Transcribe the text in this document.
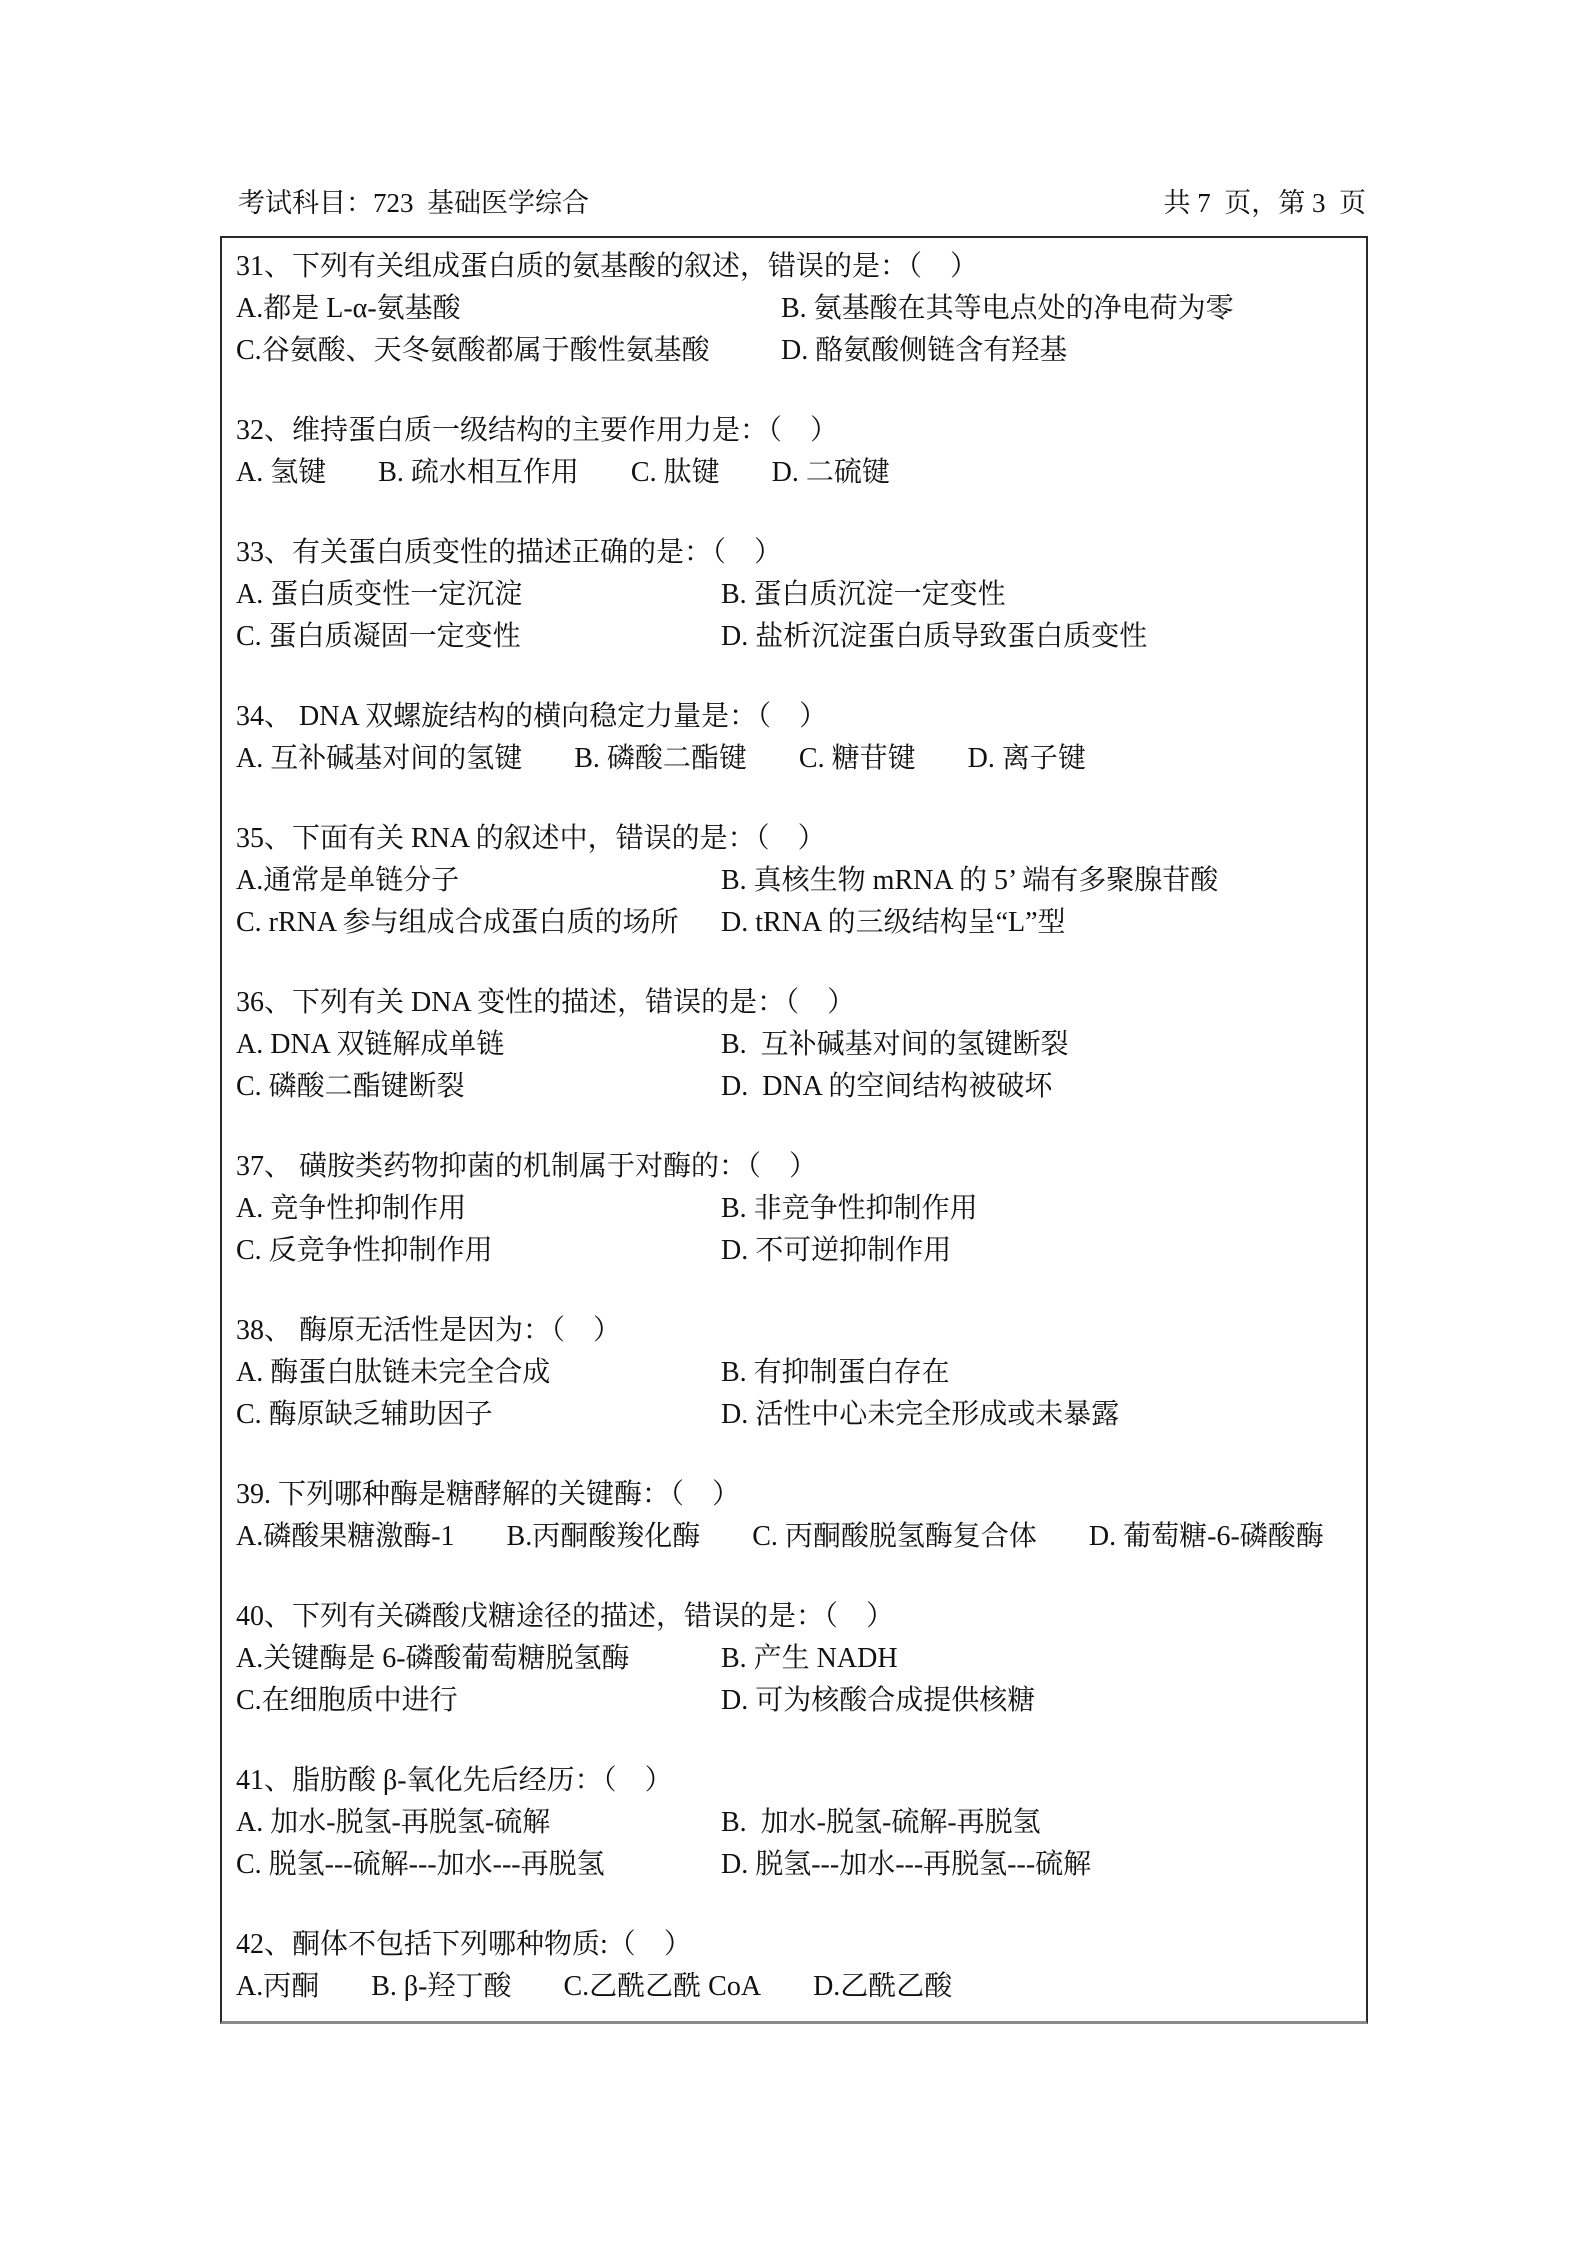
考试科目：723  基础医学综合	共 7  页，第 3  页
31、下列有关组成蛋白质的氨基酸的叙述，错误的是：（　）
A.都是 L-α-氨基酸	B. 氨基酸在其等电点处的净电荷为零
C.谷氨酸、天冬氨酸都属于酸性氨基酸	D. 酪氨酸侧链含有羟基
32、维持蛋白质一级结构的主要作用力是：（　）
A. 氢键 B. 疏水相互作用 C. 肽键 D. 二硫键
33、有关蛋白质变性的描述正确的是：（　）
A. 蛋白质变性一定沉淀	B. 蛋白质沉淀一定变性
C. 蛋白质凝固一定变性	D. 盐析沉淀蛋白质导致蛋白质变性
34、 DNA 双螺旋结构的横向稳定力量是：（　）
A. 互补碱基对间的氢键 B. 磷酸二酯键 C. 糖苷键 D. 离子键
35、下面有关 RNA 的叙述中，错误的是：（　）
A.通常是单链分子	B. 真核生物 mRNA 的 5’ 端有多聚腺苷酸
C. rRNA 参与组成合成蛋白质的场所 D. tRNA 的三级结构呈“L”型
36、下列有关 DNA 变性的描述，错误的是：（　）
A. DNA 双链解成单链	B.  互补碱基对间的氢键断裂
C. 磷酸二酯键断裂	D.  DNA 的空间结构被破坏
37、 磺胺类药物抑菌的机制属于对酶的：（　）
A. 竞争性抑制作用	B. 非竞争性抑制作用
C. 反竞争性抑制作用	D. 不可逆抑制作用
38、 酶原无活性是因为：（　）
A. 酶蛋白肽链未完全合成	B. 有抑制蛋白存在
C. 酶原缺乏辅助因子	D. 活性中心未完全形成或未暴露
39. 下列哪种酶是糖酵解的关键酶：（　）
A.磷酸果糖激酶-1 B.丙酮酸羧化酶 C. 丙酮酸脱氢酶复合体 D. 葡萄糖-6-磷酸酶
40、下列有关磷酸戊糖途径的描述，错误的是：（　）
A.关键酶是 6-磷酸葡萄糖脱氢酶	B. 产生 NADH
C.在细胞质中进行	D. 可为核酸合成提供核糖
41、脂肪酸 β-氧化先后经历：（　）
A. 加水-脱氢-再脱氢-硫解	B.  加水-脱氢-硫解-再脱氢
C. 脱氢---硫解---加水---再脱氢	D. 脱氢---加水---再脱氢---硫解
42、酮体不包括下列哪种物质:（　）
A.丙酮 B. β-羟丁酸 C.乙酰乙酰 CoA D.乙酰乙酸
